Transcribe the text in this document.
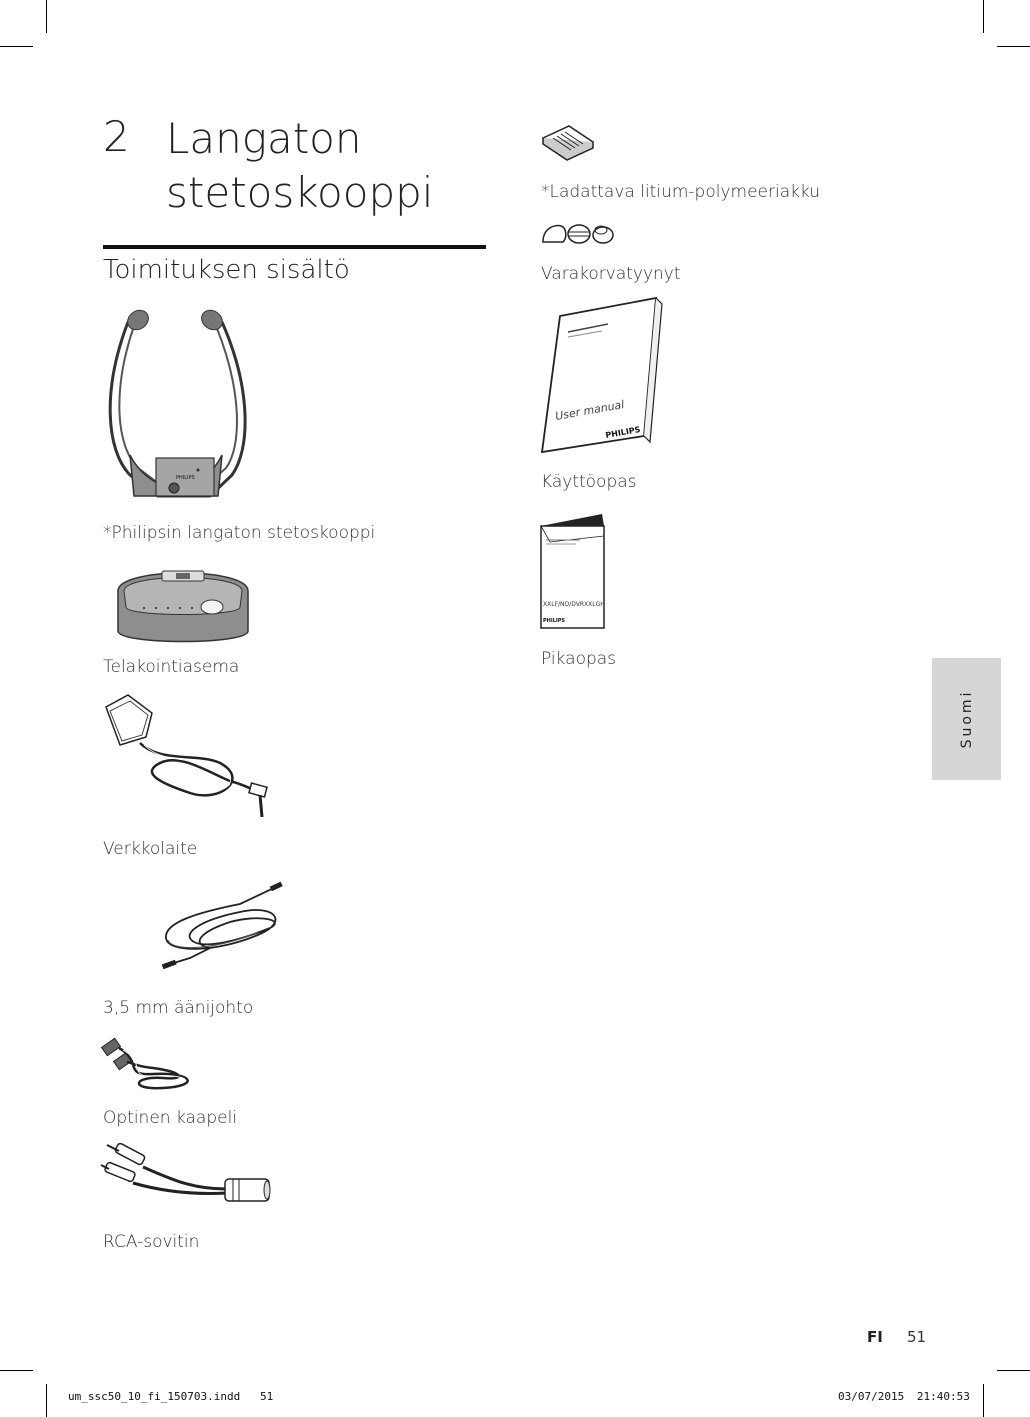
2 Langaton
stetoskooppi
Toimituksen sisältö
PHILIPS
*Philipsin langaton stetoskooppi
Telakointiasema
Verkkolaite
3,5 mm äänijohto
Optinen kaapeli
RCA-sovitin
*Ladattava litium-polymeeriakku
Varakorvatyynyt
User manual
PHILIPS
Käyttöopas
XXLF/NO/DVRXXLGH
PHILIPS
Pikaopas
Suomi
FI 51
um_ssc50_10_fi_150703.indd   51	03/07/2015 21:40:53
